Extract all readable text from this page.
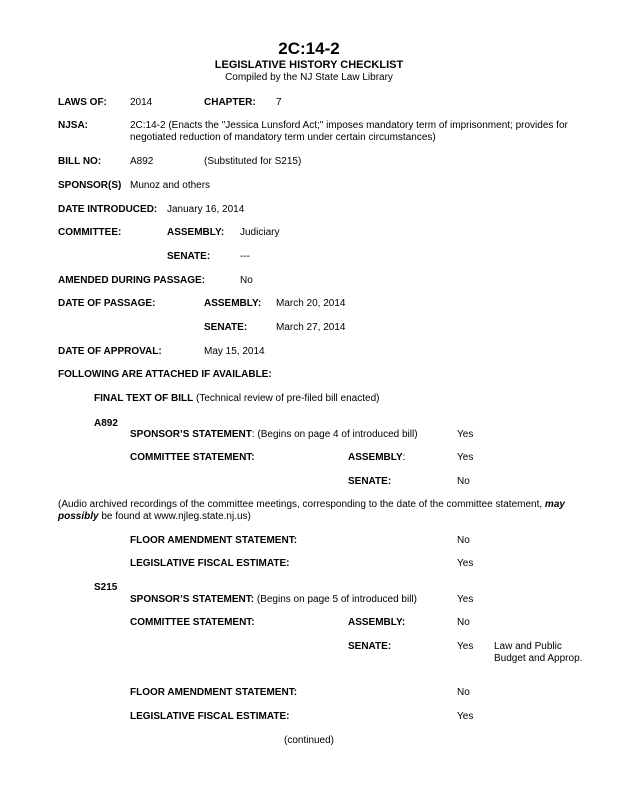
2C:14-2
LEGISLATIVE HISTORY CHECKLIST
Compiled by the NJ State Law Library
LAWS OF: 2014	CHAPTER: 7
NJSA:	2C:14-2 (Enacts the "Jessica Lunsford Act;" imposes mandatory term of imprisonment; provides for negotiated reduction of mandatory term under certain circumstances)
BILL NO:	A892	(Substituted for S215)
SPONSOR(S) Munoz and others
DATE INTRODUCED: January 16, 2014
COMMITTEE:	ASSEMBLY: Judiciary
SENATE:	---
AMENDED DURING PASSAGE:	No
DATE OF PASSAGE:	ASSEMBLY: March 20, 2014
SENATE:	March 27, 2014
DATE OF APPROVAL:	May 15, 2014
FOLLOWING ARE ATTACHED IF AVAILABLE:
FINAL TEXT OF BILL (Technical review of pre-filed bill enacted)
A892
SPONSOR’S STATEMENT: (Begins on page 4 of introduced bill)	Yes
COMMITTEE STATEMENT:	ASSEMBLY:	Yes
SENATE:	No
(Audio archived recordings of the committee meetings, corresponding to the date of the committee statement, may possibly be found at www.njleg.state.nj.us)
FLOOR AMENDMENT STATEMENT:	No
LEGISLATIVE FISCAL ESTIMATE:	Yes
S215
SPONSOR’S STATEMENT: (Begins on page 5 of introduced bill)	Yes
COMMITTEE STATEMENT:	ASSEMBLY:	No
SENATE:	Yes Law and Public
Budget and Approp.
FLOOR AMENDMENT STATEMENT:	No
LEGISLATIVE FISCAL ESTIMATE:	Yes
(continued)
